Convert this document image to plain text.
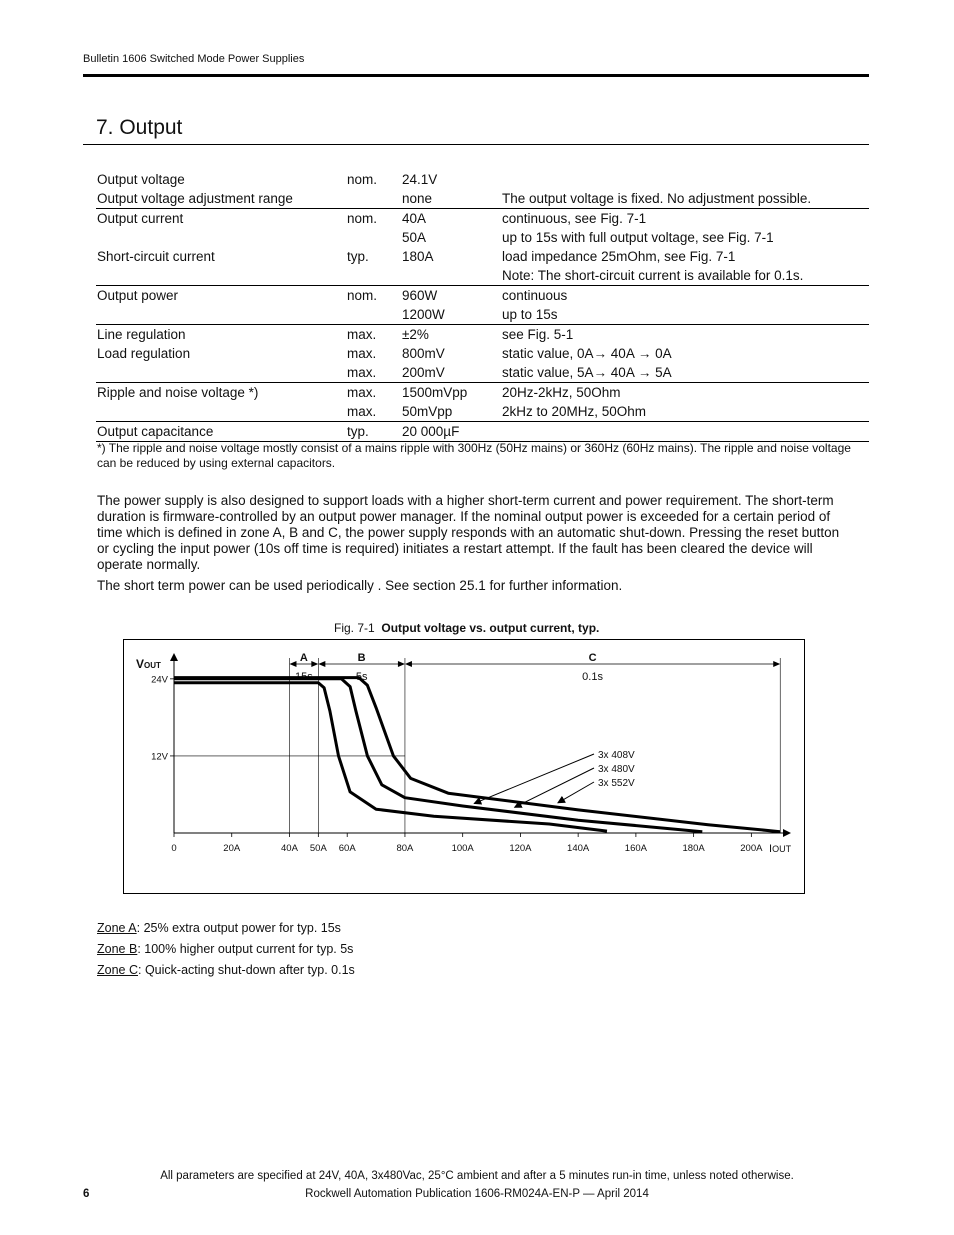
Bulletin 1606 Switched Mode Power Supplies
7. Output
Output voltage	nom.	24.1V	
Output voltage adjustment range		none	The output voltage is fixed. No adjustment possible.
Output current	nom.	40A	continuous, see Fig. 7-1
		50A	up to 15s with full output voltage, see Fig. 7-1
Short-circuit current	typ.	180A	load impedance 25mOhm, see Fig. 7-1
			Note: The short-circuit current is available for 0.1s.
Output power	nom.	960W	continuous
		1200W	up to 15s
Line regulation	max.	±2%	see Fig. 5-1
Load regulation	max.	800mV	static value, 0A→ 40A → 0A
	max.	200mV	static value, 5A→ 40A → 5A
Ripple and noise voltage *)	max.	1500mVpp	20Hz-2kHz, 50Ohm
	max.	50mVpp	2kHz to 20MHz, 50Ohm
Output capacitance	typ.	20 000µF	
*) The ripple and noise voltage mostly consist of a mains ripple with 300Hz (50Hz mains) or 360Hz (60Hz mains). The ripple and noise voltage can be reduced by using external capacitors.
The power supply is also designed to support loads with a higher short-term current and power requirement. The short-term duration is firmware-controlled by an output power manager. If the nominal output power is exceeded for a certain period of time which is defined in zone A, B and C, the power supply responds with an automatic shut-down. Pressing the reset button or cycling the input power (10s off time is required) initiates a restart attempt. If the fault has been cleared the device will operate normally.
The short term power can be used periodically . See section 25.1 for further information.
Fig. 7-1 Output voltage vs. output current, typ.
24V
12V
0	20A	40A 50A 60A	80A	100A	120A	140A	160A	180A	200A
VOUT
IOUT
A
15s
B
5s
C
0.1s
3x 408V
3x 480V
3x 552V
Zone A: 25% extra output power for typ. 15s
Zone B: 100% higher output current for typ. 5s
Zone C: Quick-acting shut-down after typ. 0.1s
All parameters are specified at 24V, 40A, 3x480Vac, 25°C ambient and after a 5 minutes run-in time, unless noted otherwise.
6	Rockwell Automation Publication 1606-RM024A-EN-P — April 2014
